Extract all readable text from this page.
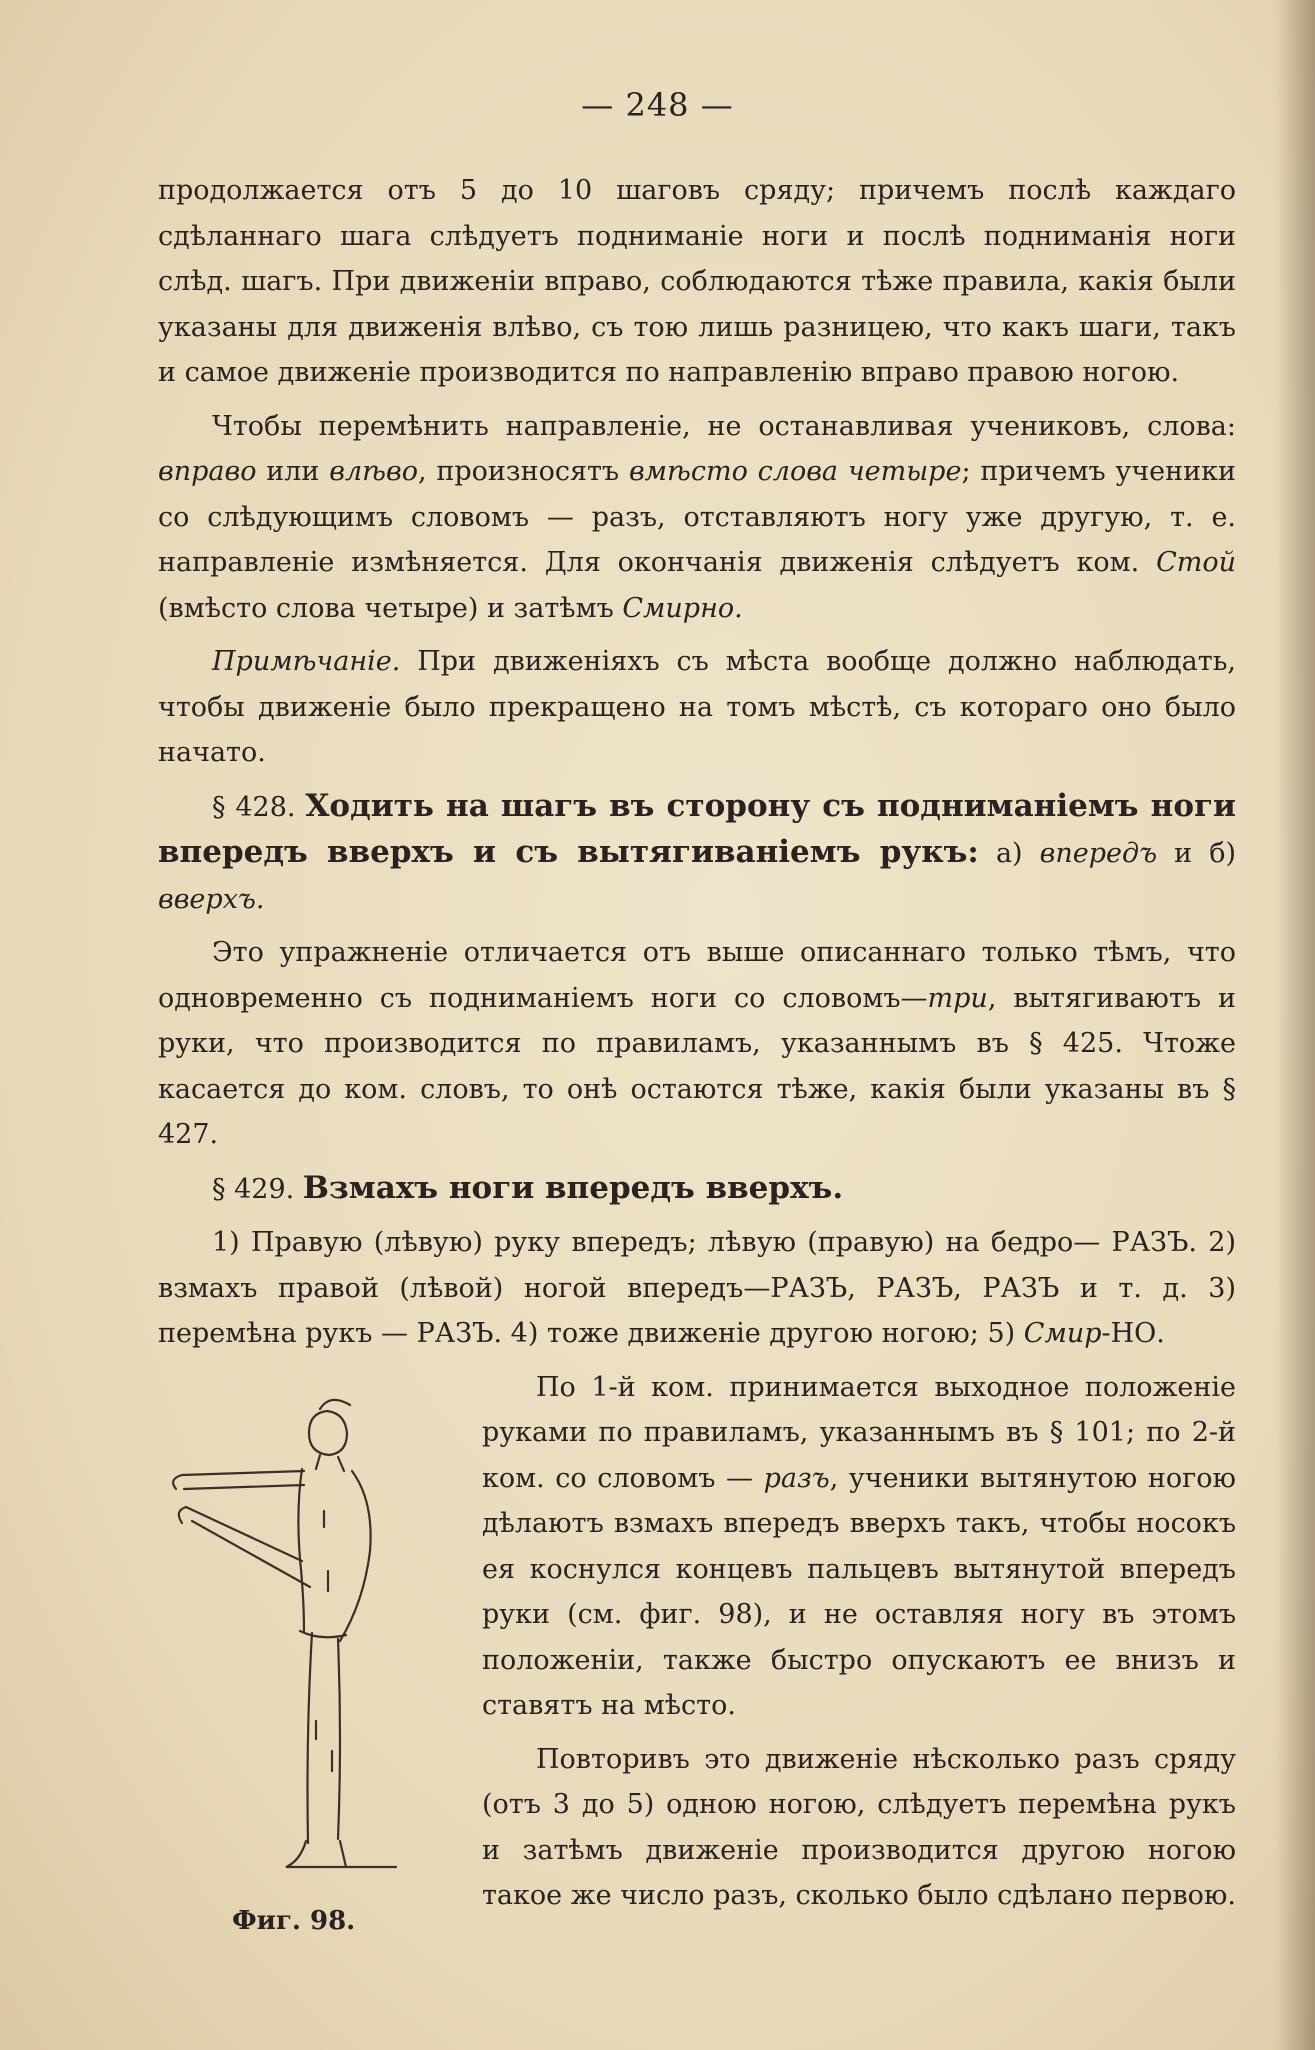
— 248 —

продолжается отъ 5 до 10 шаговъ сряду; причемъ послѣ каждаго сдѣланнаго шага слѣдуетъ подниманіе ноги и послѣ подниманія ноги слѣд. шагъ. При движеніи вправо, соблюдаются тѣже правила, какія были указаны для движенія влѣво, съ тою лишь разницею, что какъ шаги, такъ и самое движеніе производится по направленію вправо правою ногою.

Чтобы перемѣнить направленіе, не останавливая учениковъ, слова: вправо или влѣво, произносятъ вмѣсто слова четыре; причемъ ученики со слѣдующимъ словомъ — разъ, отставляютъ ногу уже другую, т. е. направленіе измѣняется. Для окончанія движенія слѣдуетъ ком. Стой (вмѣсто слова четыре) и затѣмъ Смирно.

Примѣчаніе. При движеніяхъ съ мѣста вообще должно наблюдать, чтобы движеніе было прекращено на томъ мѣстѣ, съ котораго оно было начато.

§ 428. Ходить на шагъ въ сторону съ подниманіемъ ноги впередъ вверхъ и съ вытягиваніемъ рукъ: а) впередъ и б) вверхъ.

Это упражненіе отличается отъ выше описаннаго только тѣмъ, что одновременно съ подниманіемъ ноги со словомъ—три, вытягиваютъ и руки, что производится по правиламъ, указаннымъ въ § 425. Чтоже касается до ком. словъ, то онѣ остаются тѣже, какія были указаны въ § 427.

§ 429. Взмахъ ноги впередъ вверхъ.

1) Правую (лѣвую) руку впередъ; лѣвую (правую) на бедро— РАЗЪ. 2) взмахъ правой (лѣвой) ногой впередъ—РАЗЪ, РАЗЪ, РАЗЪ и т. д. 3) перемѣна рукъ — РАЗЪ. 4) тоже движеніе другою ногою; 5) Смир-НО.

Фиг. 98.

По 1-й ком. принимается выходное положеніе руками по правиламъ, указаннымъ въ § 101; по 2-й ком. со словомъ — разъ, ученики вытянутою ногою дѣлаютъ взмахъ впередъ вверхъ такъ, чтобы носокъ ея коснулся концевъ пальцевъ вытянутой впередъ руки (см. фиг. 98), и не оставляя ногу въ этомъ положеніи, также быстро опускаютъ ее внизъ и ставятъ на мѣсто.

Повторивъ это движеніе нѣсколько разъ сряду (отъ 3 до 5) одною ногою, слѣдуетъ перемѣна рукъ и затѣмъ движеніе производится другою ногою такое же число разъ, сколько было сдѣлано первою.
